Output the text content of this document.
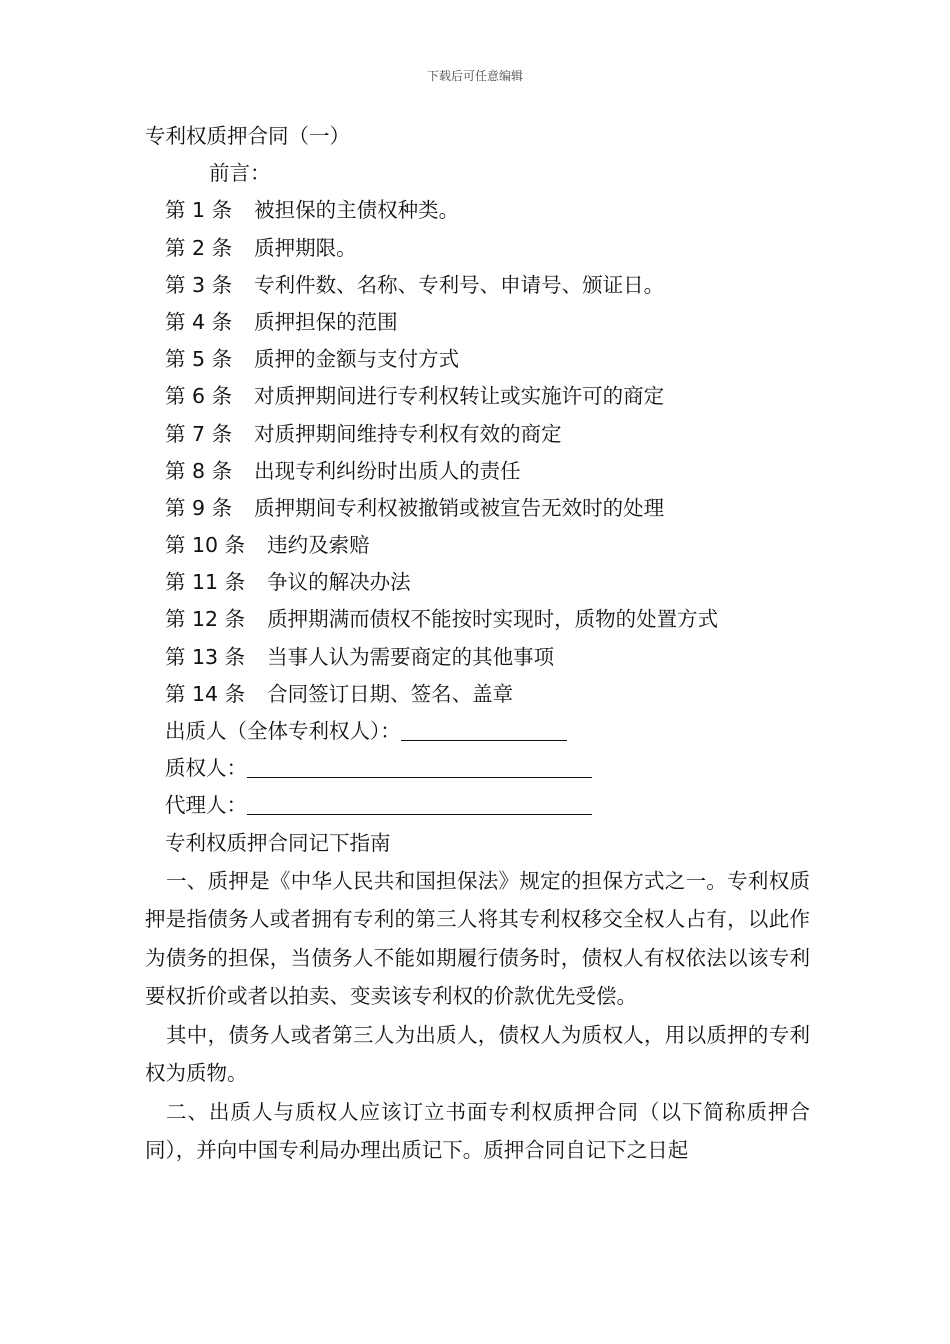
下载后可任意编辑
专利权质押合同（一）
前言：
第 1 条 被担保的主债权种类。
第 2 条 质押期限。
第 3 条 专利件数、名称、专利号、申请号、颁证日。
第 4 条 质押担保的范围
第 5 条 质押的金额与支付方式
第 6 条 对质押期间进行专利权转让或实施许可的商定
第 7 条 对质押期间维持专利权有效的商定
第 8 条 出现专利纠纷时出质人的责任
第 9 条 质押期间专利权被撤销或被宣告无效时的处理
第 10 条 违约及索赔
第 11 条 争议的解决办法
第 12 条 质押期满而债权不能按时实现时，质物的处置方式
第 13 条 当事人认为需要商定的其他事项
第 14 条 合同签订日期、签名、盖章
出质人（全体专利权人）：
质权人：
代理人：
专利权质押合同记下指南

一、质押是《中华人民共和国担保法》规定的担保方式之一。专利权质押是指债务人或者拥有专利的第三人将其专利权移交全权人占有，以此作为债务的担保，当债务人不能如期履行债务时，债权人有权依法以该专利要权折价或者以拍卖、变卖该专利权的价款优先受偿。

其中，债务人或者第三人为出质人，债权人为质权人，用以质押的专利权为质物。

二、出质人与质权人应该订立书面专利权质押合同（以下简称质押合同），并向中国专利局办理出质记下。质押合同自记下之日起
